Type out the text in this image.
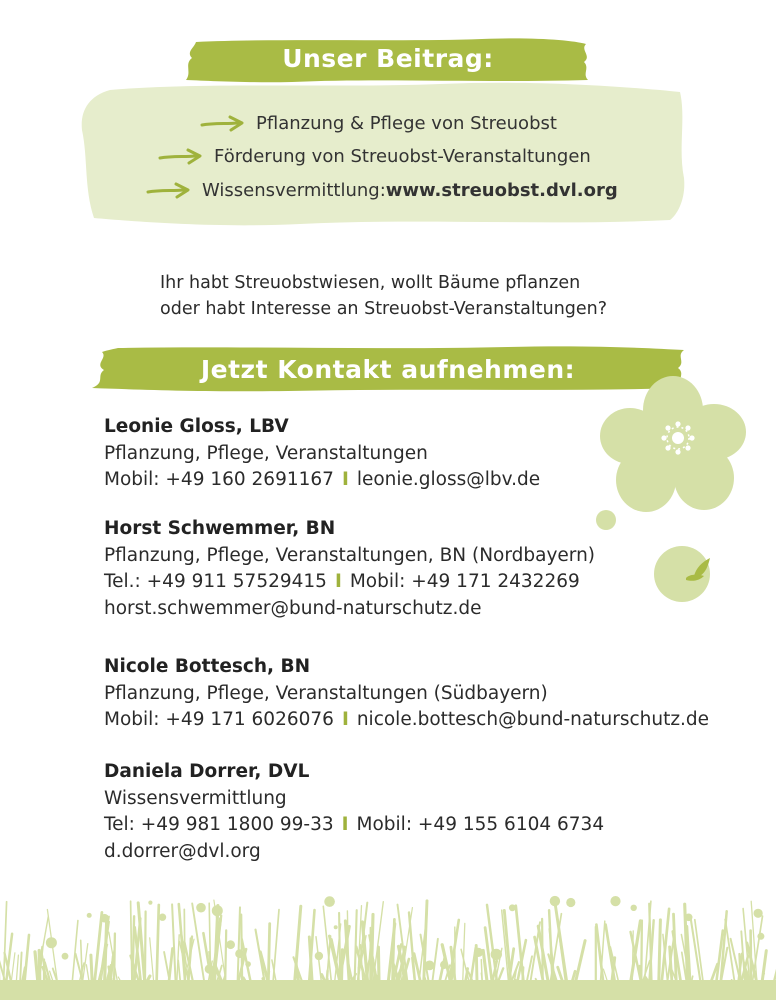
Unser Beitrag:
Pflanzung & Pflege von Streuobst
Förderung von Streuobst-Veranstaltungen
Wissensvermittlung: www.streuobst.dvl.org
Ihr habt Streuobstwiesen, wollt Bäume pflanzen
oder habt Interesse an Streuobst-Veranstaltungen?
Jetzt Kontakt aufnehmen:
Leonie Gloss, LBV
Pflanzung, Pflege, Veranstaltungen
Mobil: +49 160 2691167 I leonie.gloss@lbv.de
Horst Schwemmer, BN
Pflanzung, Pflege, Veranstaltungen, BN (Nordbayern)
Tel.: +49 911 57529415 I Mobil: +49 171 2432269
horst.schwemmer@bund-naturschutz.de
Nicole Bottesch, BN
Pflanzung, Pflege, Veranstaltungen (Südbayern)
Mobil: +49 171 6026076 I nicole.bottesch@bund-naturschutz.de
Daniela Dorrer, DVL
Wissensvermittlung
Tel: +49 981 1800 99-33 I Mobil: +49 155 6104 6734
d.dorrer@dvl.org
